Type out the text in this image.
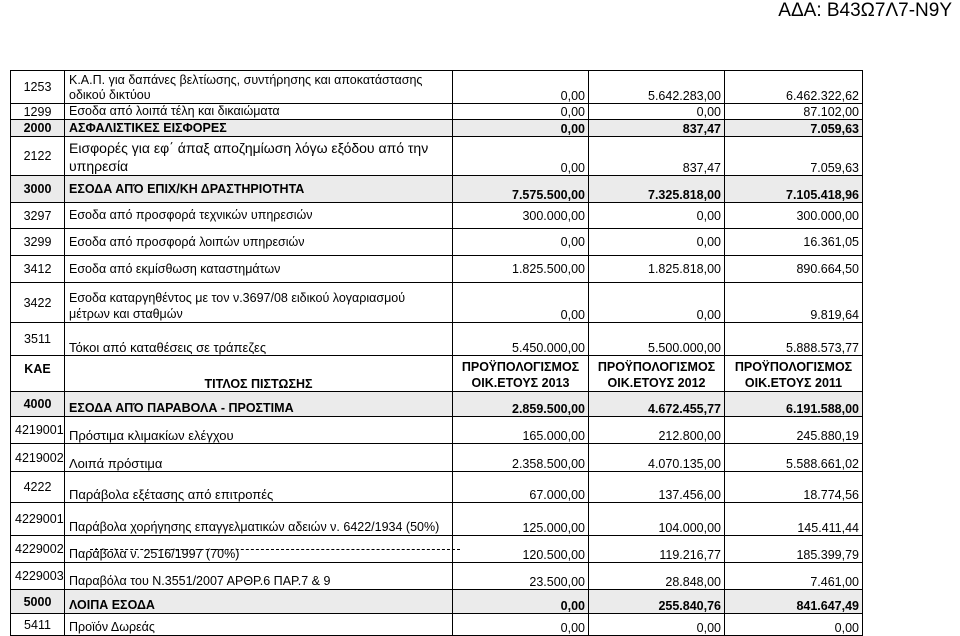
ΑΔΑ: Β43Ω7Λ7-Ν9Υ
1253	Κ.Α.Π. για δαπάνες βελτίωσης, συντήρησης και αποκατάστασης οδικού δικτύου	0,00	5.642.283,00	6.462.322,62
1299	Εσοδα από λοιπά τέλη και δικαιώματα	0,00	0,00	87.102,00
2000	ΑΣΦΑΛΙΣΤΙΚΕΣ ΕΙΣΦΟΡΕΣ	0,00	837,47	7.059,63
2122	Εισφορές για εφ΄ άπαξ αποζημίωση λόγω εξόδου από την υπηρεσία	0,00	837,47	7.059,63
3000	ΕΣΟΔΑ ΑΠΌ ΕΠΙΧ/ΚΗ ΔΡΑΣΤΗΡΙΟΤΗΤΑ	7.575.500,00	7.325.818,00	7.105.418,96
3297	Εσοδα από προσφορά τεχνικών υπηρεσιών	300.000,00	0,00	300.000,00
3299	Εσοδα από προσφορά λοιπών υπηρεσιών	0,00	0,00	16.361,05
3412	Εσοδα από εκμίσθωση καταστημάτων	1.825.500,00	1.825.818,00	890.664,50
3422	Εσοδα καταργηθέντος με τον ν.3697/08 ειδικού λογαριασμού μέτρων και σταθμών	0,00	0,00	9.819,64
3511	Τόκοι από καταθέσεις σε τράπεζες	5.450.000,00	5.500.000,00	5.888.573,77
ΚΑΕ	ΤΙΤΛΟΣ ΠΙΣΤΩΣΗΣ	ΠΡΟΫΠΟΛΟΓΙΣΜΟΣ ΟΙΚ.ΕΤΟΥΣ 2013	ΠΡΟΫΠΟΛΟΓΙΣΜΟΣ ΟΙΚ.ΕΤΟΥΣ 2012	ΠΡΟΫΠΟΛΟΓΙΣΜΟΣ ΟΙΚ.ΕΤΟΥΣ 2011
4000	ΕΣΟΔΑ ΑΠΌ ΠΑΡΑΒΟΛΑ - ΠΡΟΣΤΙΜΑ	2.859.500,00	4.672.455,77	6.191.588,00
4219001	Πρόστιμα κλιμακίων ελέγχου	165.000,00	212.800,00	245.880,19
4219002	Λοιπά πρόστιμα	2.358.500,00	4.070.135,00	5.588.661,02
4222	Παράβολα εξέτασης από επιτροπές	67.000,00	137.456,00	18.774,56
4229001	Παράβολα χορήγησης επαγγελματικών αδειών ν. 6422/1934 (50%)	125.000,00	104.000,00	145.411,44
4229002	Παράβολα ν. 2516/1997 (70%)	120.500,00	119.216,77	185.399,79
4229003	Παραβόλα του Ν.3551/2007 ΑΡΘΡ.6 ΠΑΡ.7 & 9	23.500,00	28.848,00	7.461,00
5000	ΛΟΙΠΑ ΕΣΟΔΑ	0,00	255.840,76	841.647,49
5411	Προϊόν Δωρεάς	0,00	0,00	0,00
